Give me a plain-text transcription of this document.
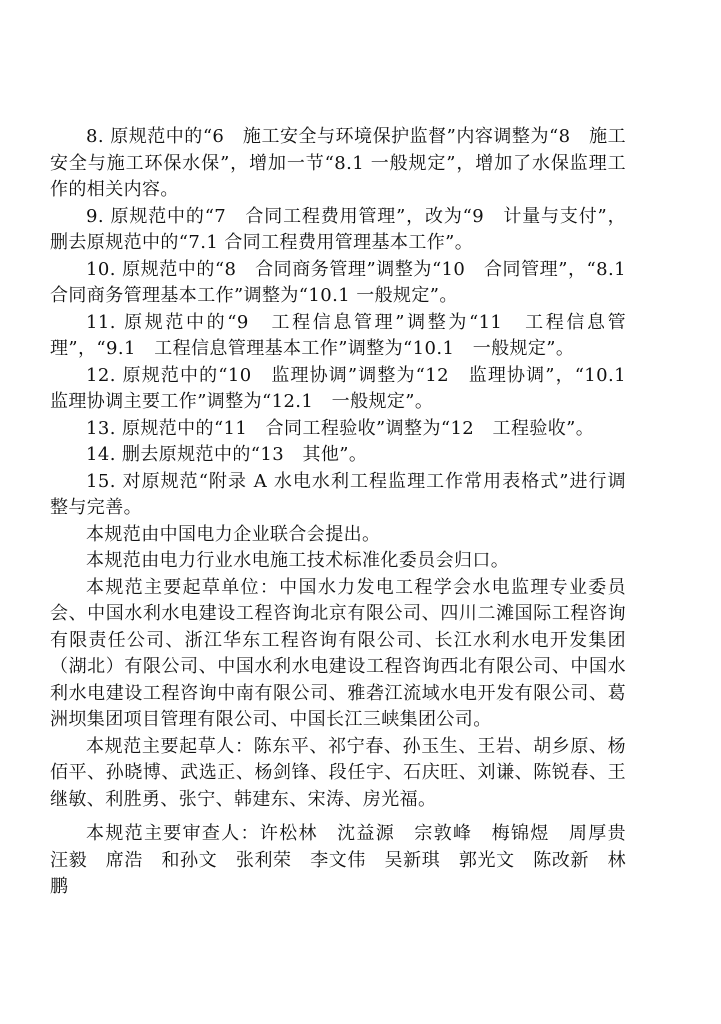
8. 原规范中的“6　施工安全与环境保护监督”内容调整为“8　施工安全与施工环保水保”，增加一节“8.1 一般规定”，增加了水保监理工作的相关内容。

9. 原规范中的“7　合同工程费用管理”，改为“9　计量与支付”，删去原规范中的“7.1 合同工程费用管理基本工作”。

10. 原规范中的“8　合同商务管理”调整为“10　合同管理”，“8.1 合同商务管理基本工作”调整为“10.1 一般规定”。

11. 原规范中的“9　工程信息管理”调整为“11　工程信息管理”，“9.1　工程信息管理基本工作”调整为“10.1　一般规定”。

12. 原规范中的“10　监理协调”调整为“12　监理协调”，“10.1　监理协调主要工作”调整为“12.1　一般规定”。

13. 原规范中的“11　合同工程验收”调整为“12　工程验收”。

14. 删去原规范中的“13　其他”。

15. 对原规范“附录 A 水电水利工程监理工作常用表格式”进行调整与完善。

本规范由中国电力企业联合会提出。

本规范由电力行业水电施工技术标准化委员会归口。

本规范主要起草单位：中国水力发电工程学会水电监理专业委员会、中国水利水电建设工程咨询北京有限公司、四川二滩国际工程咨询有限责任公司、浙江华东工程咨询有限公司、长江水利水电开发集团（湖北）有限公司、中国水利水电建设工程咨询西北有限公司、中国水利水电建设工程咨询中南有限公司、雅砻江流域水电开发有限公司、葛洲坝集团项目管理有限公司、中国长江三峡集团公司。

本规范主要起草人：陈东平、祁宁春、孙玉生、王岩、胡乡原、杨佰平、孙晓博、武选正、杨剑锋、段任宇、石庆旺、刘谦、陈锐春、王继敏、利胜勇、张宁、韩建东、宋涛、房光福。

本规范主要审查人：许松林　沈益源　宗敦峰　梅锦煜　周厚贵　汪毅　席浩　和孙文　张利荣　李文伟　吴新琪　郭光文　陈改新　林鹏
